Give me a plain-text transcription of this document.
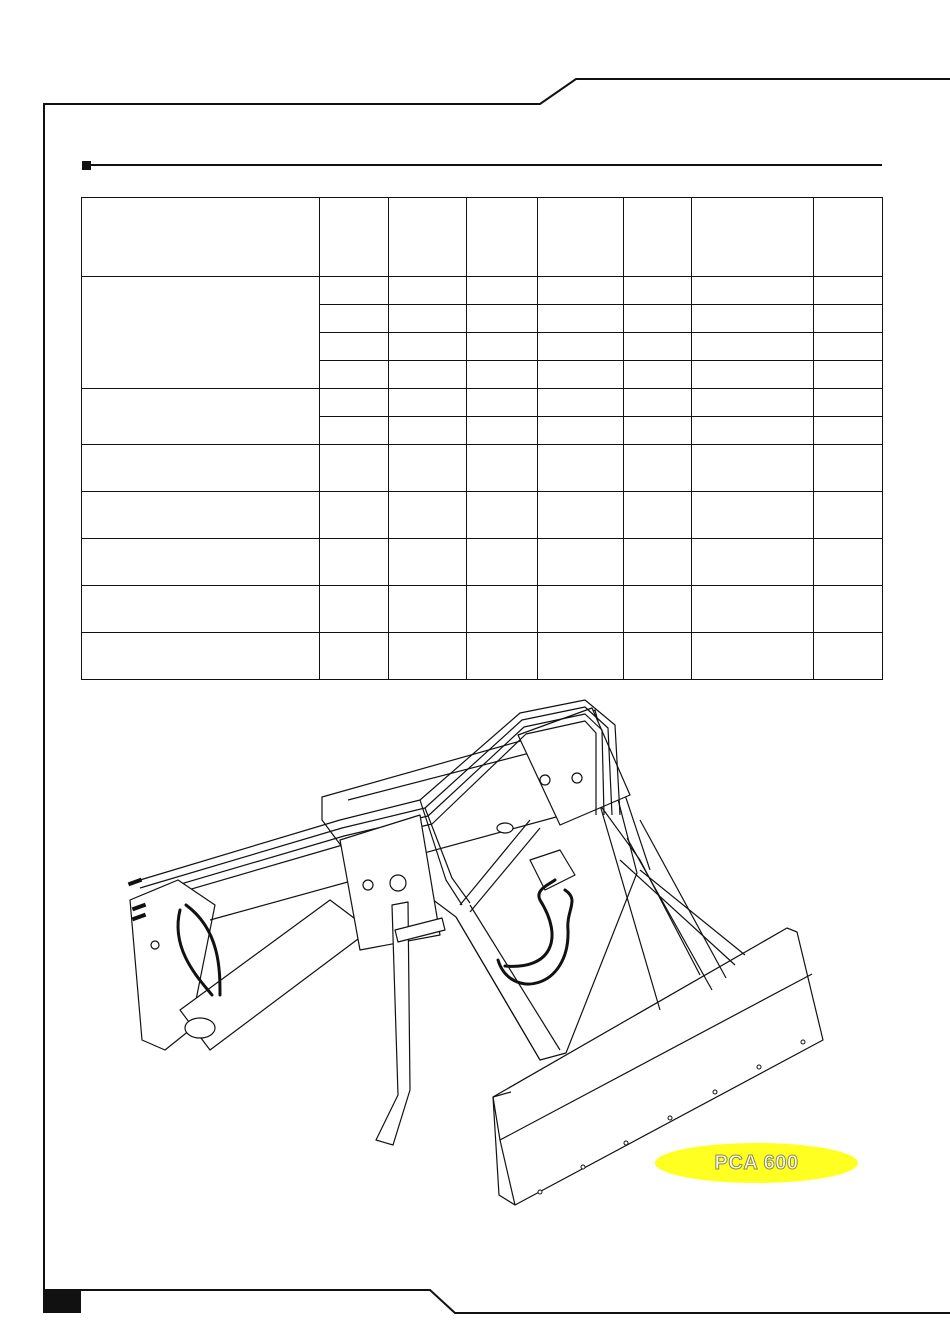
PCA 600
